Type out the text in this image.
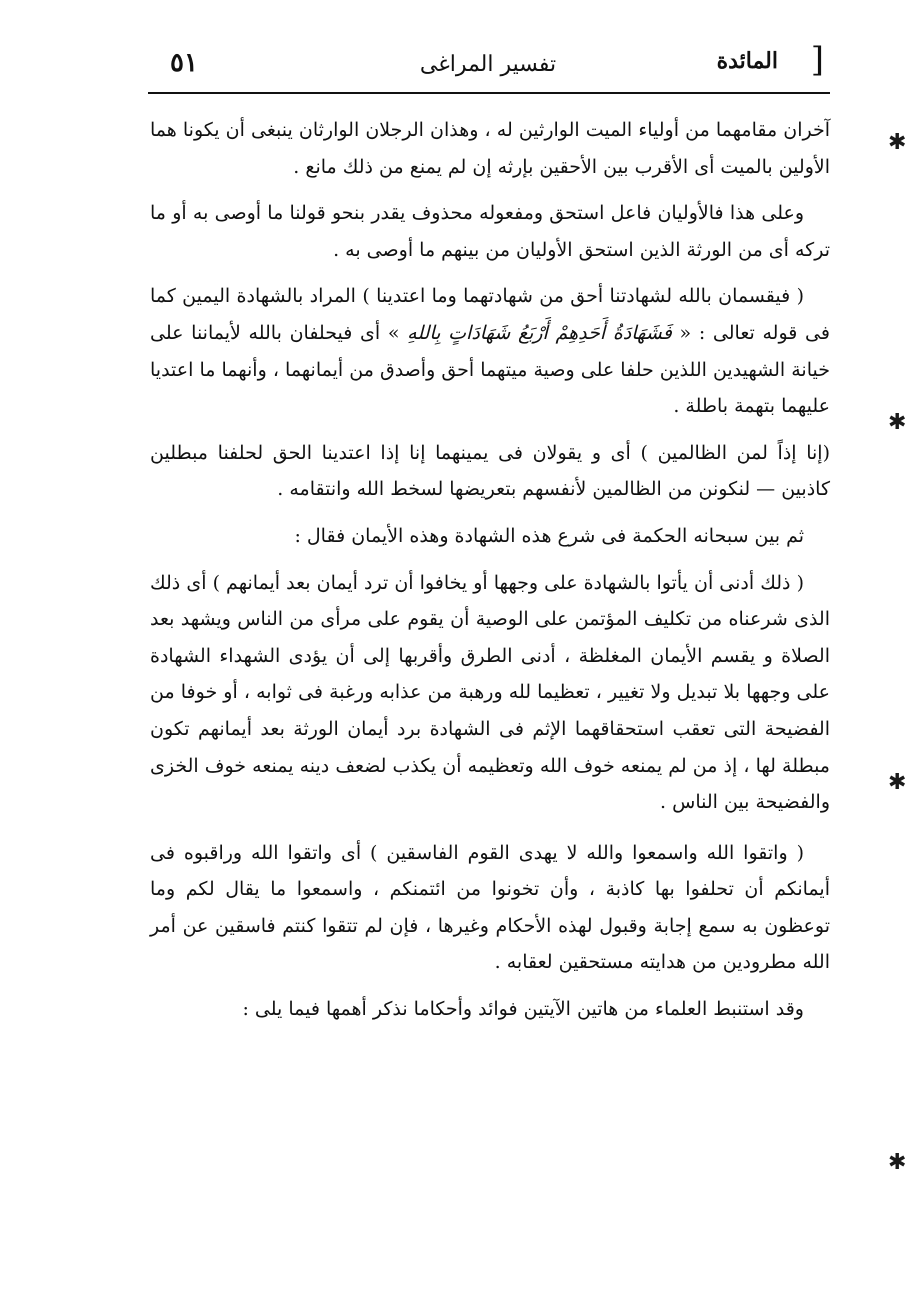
٥١	تفسير المراغى	المائدة ]

آخران مقامهما من أولياء الميت الوارثين له ، وهذان الرجلان الوارثان ينبغى أن يكونا هما الأولين بالميت أى الأقرب بين الأحقين بإرثه إن لم يمنع من ذلك مانع .

وعلى هذا فالأوليان فاعل استحق ومفعوله محذوف يقدر بنحو قولنا ما أوصى به أو ما تركه أى من الورثة الذين استحق الأوليان من بينهم ما أوصى به .

( فيقسمان بالله لشهادتنا أحق من شهادتهما وما اعتدينا ) المراد بالشهادة اليمين كما فى قوله تعالى : « فَشَهَادَةُ أَحَدِهِمْ أَرْبَعُ شَهَادَاتٍ بِاللهِ » أى فيحلفان بالله لأيماننا على خيانة الشهيدين اللذين حلفا على وصية ميتهما أحق وأصدق من أيمانهما ، وأنهما ما اعتديا عليهما بتهمة باطلة .

(إنا إذاً لمن الظالمين ) أى و يقولان فى يمينهما إنا إذا اعتدينا الحق لحلفنا مبطلين كاذبين — لنكونن من الظالمين لأنفسهم بتعريضها لسخط الله وانتقامه .

ثم بين سبحانه الحكمة فى شرع هذه الشهادة وهذه الأيمان فقال :

( ذلك أدنى أن يأتوا بالشهادة على وجهها أو يخافوا أن ترد أيمان بعد أيمانهم ) أى ذلك الذى شرعناه من تكليف المؤتمن على الوصية أن يقوم على مرأى من الناس ويشهد بعد الصلاة و يقسم الأيمان المغلظة ، أدنى الطرق وأقربها إلى أن يؤدى الشهداء الشهادة على وجهها بلا تبديل ولا تغيير ، تعظيما لله ورهبة من عذابه ورغبة فى ثوابه ، أو خوفا من الفضيحة التى تعقب استحقاقهما الإثم فى الشهادة برد أيمان الورثة بعد أيمانهم تكون مبطلة لها ، إذ من لم يمنعه خوف الله وتعظيمه أن يكذب لضعف دينه يمنعه خوف الخزى والفضيحة بين الناس .

( واتقوا الله واسمعوا والله لا يهدى القوم الفاسقين ) أى واتقوا الله وراقبوه فى أيمانكم أن تحلفوا بها كاذبة ، وأن تخونوا من ائتمنكم ، واسمعوا ما يقال لكم وما توعظون به سمع إجابة وقبول لهذه الأحكام وغيرها ، فإن لم تتقوا كنتم فاسقين عن أمر الله مطرودين من هدايته مستحقين لعقابه .

وقد استنبط العلماء من هاتين الآيتين فوائد وأحكاما نذكر أهمها فيما يلى :

✱
✱
✱
✱
